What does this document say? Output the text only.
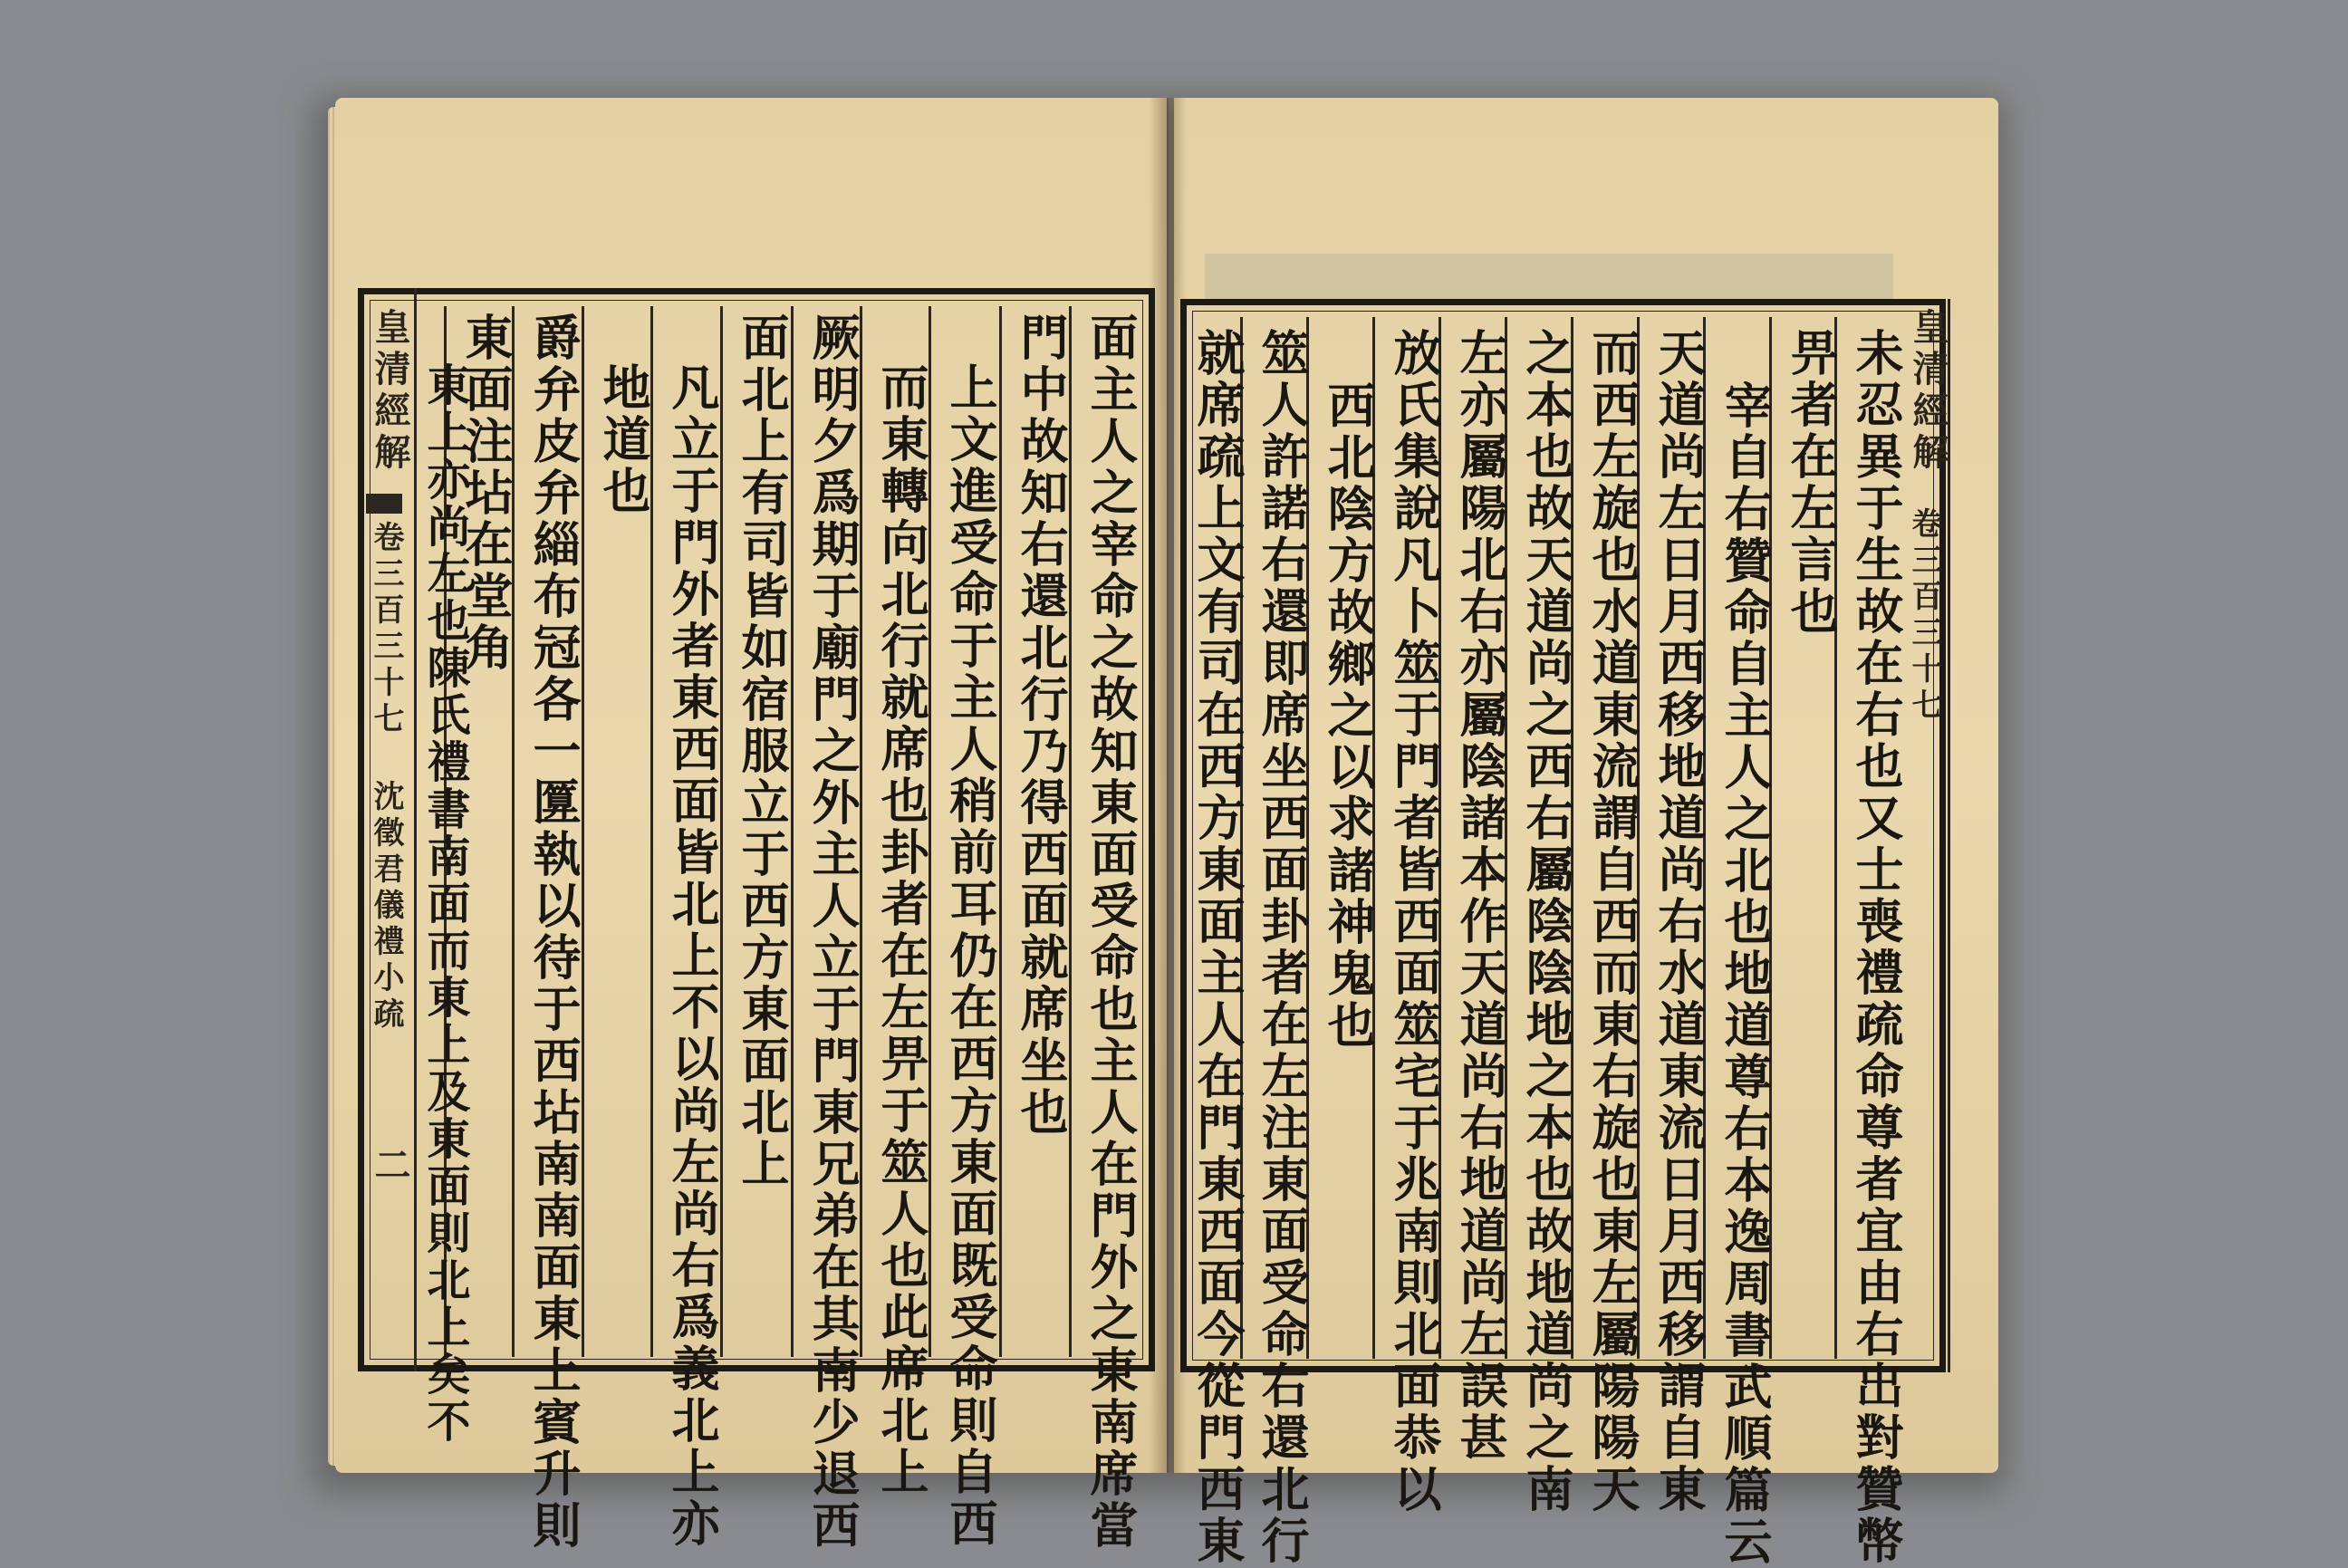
皇清經解
卷三百三十七 沈徵君儀禮小疏
二	面主人之宰命之故知東面受命也主人在門外之東南席當
門中故知右還北行乃得西面就席坐也
上文進受命于主人稍前耳仍在西方東面既受命則自西
而東轉向北行就席也卦者在左畀于筮人也此席北上
厥明夕爲期于廟門之外主人立于門東兄弟在其南少退西
面北上有司皆如宿服立于西方東面北上
凡立于門外者東西面皆北上不以尚左尚右爲義北上亦
地道也
爵弁皮弁緇布冠各一匴執以待于西坫南南面東上賓升則
東面注坫在堂角
東上亦尚左也陳氏禮書南面而東上及東面則北上矣不	皇清經解
卷三百三十七
未忍異于生故在右也又士喪禮疏命尊者宜由右出對贊幣
畀者在左言也
宰自右贊命自主人之北也地道尊右本逸周書武順篇云
天道尚左日月西移地道尚右水道東流日月西移謂自東
而西左旋也水道東流謂自西而東右旋也東左屬陽陽天
之本也故天道尚之西右屬陰陰地之本也故地道尚之南
左亦屬陽北右亦屬陰諸本作天道尚右地道尚左誤甚
放氏集說凡卜筮于門者皆西面筮宅于兆南則北面恭以
西北陰方故鄉之以求諸神鬼也
筮人許諾右還即席坐西面卦者在左注東面受命右還北行
就席疏上文有司在西方東面主人在門東西面今從門西東
